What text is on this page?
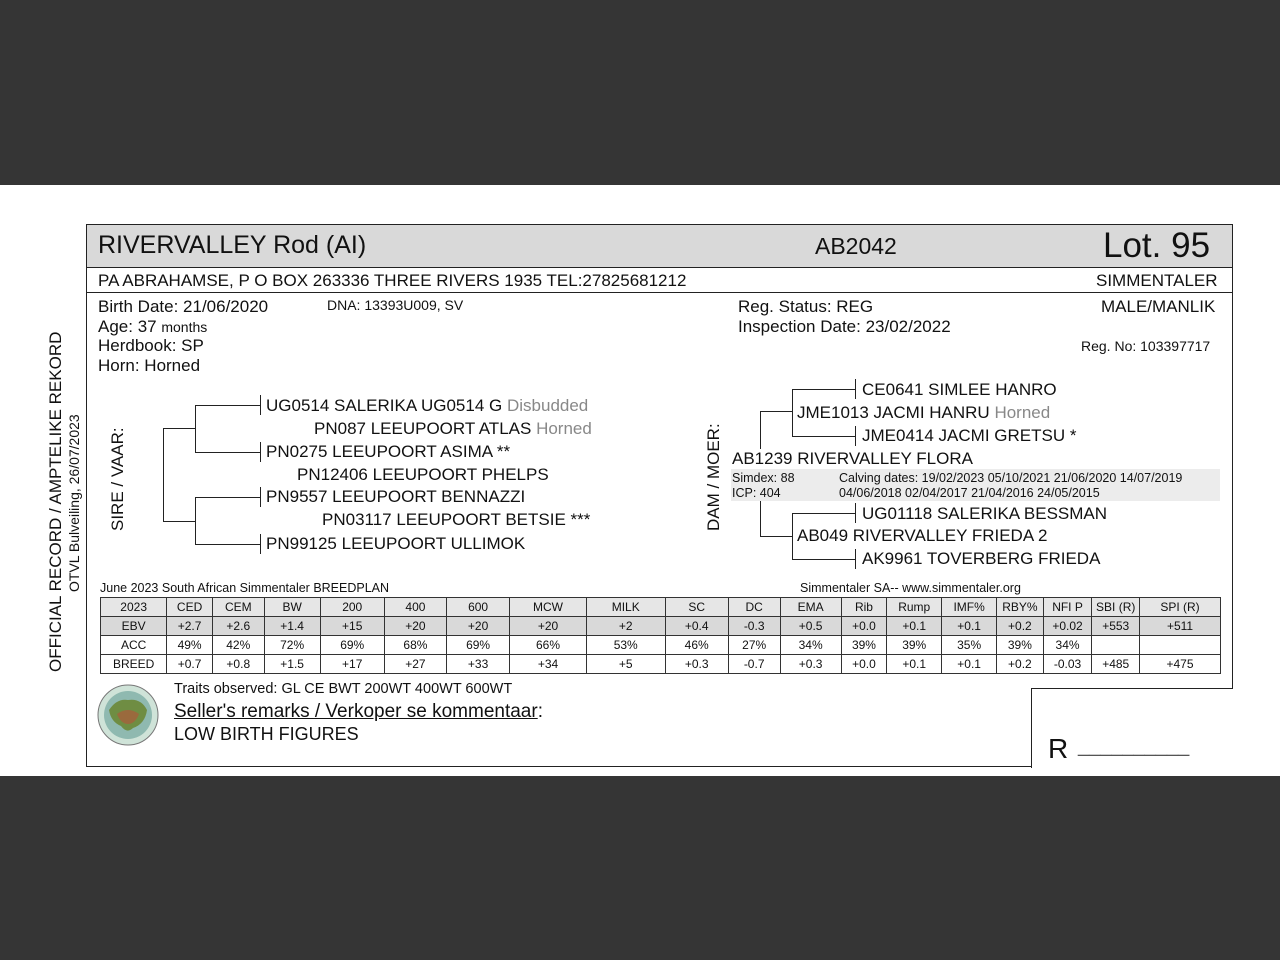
RIVERVALLEY Rod (AI)	AB2042	Lot. 95
PA ABRAHAMSE, P O BOX 263336 THREE RIVERS 1935 TEL:27825681212	SIMMENTALER
Birth Date: 21/06/2020	DNA: 13393U009, SV
Age: 37 months
Herdbook: SP
Horn: Horned
Reg. Status: REG
Inspection Date: 23/02/2022
MALE/MANLIK
Reg. No: 103397717
OFFICIAL RECORD / AMPTELIKE REKORD OTVL Bulveiling, 26/07/2023 SIRE / VAAR:	DAM / MOER:
UG0514 SALERIKA UG0514 G Disbudded
PN087 LEEUPOORT ATLAS Horned
PN0275 LEEUPOORT ASIMA **
PN12406 LEEUPOORT PHELPS
PN9557 LEEUPOORT BENNAZZI
PN03117 LEEUPOORT BETSIE ***
PN99125 LEEUPOORT ULLIMOK
CE0641 SIMLEE HANRO
JME1013 JACMI HANRU Horned
JME0414 JACMI GRETSU *
AB1239 RIVERVALLEY FLORA
Simdex: 88
ICP: 404
Calving dates: 19/02/2023 05/10/2021 21/06/2020 14/07/2019
04/06/2018 02/04/2017 21/04/2016 24/05/2015
UG01118 SALERIKA BESSMAN
AB049 RIVERVALLEY FRIEDA 2
AK9961 TOVERBERG FRIEDA
June 2023 South African Simmentaler BREEDPLAN	Simmentaler SA-- www.simmentaler.org
2023	CED	CEM	BW	200	400	600	MCW	MILK	SC	DC	EMA	Rib	Rump	IMF%	RBY%	NFI P	SBI (R)	SPI (R)
EBV	+2.7	+2.6	+1.4	+15	+20	+20	+20	+2	+0.4	-0.3	+0.5	+0.0	+0.1	+0.1	+0.2	+0.02	+553	+511
ACC	49%	42%	72%	69%	68%	69%	66%	53%	46%	27%	34%	39%	39%	35%	39%	34%		
BREED	+0.7	+0.8	+1.5	+17	+27	+33	+34	+5	+0.3	-0.7	+0.3	+0.0	+0.1	+0.1	+0.2	-0.03	+485	+475
Traits observed: GL CE BWT 200WT 400WT 600WT
Seller's remarks / Verkoper se kommentaar:
LOW BIRTH FIGURES	R __________
